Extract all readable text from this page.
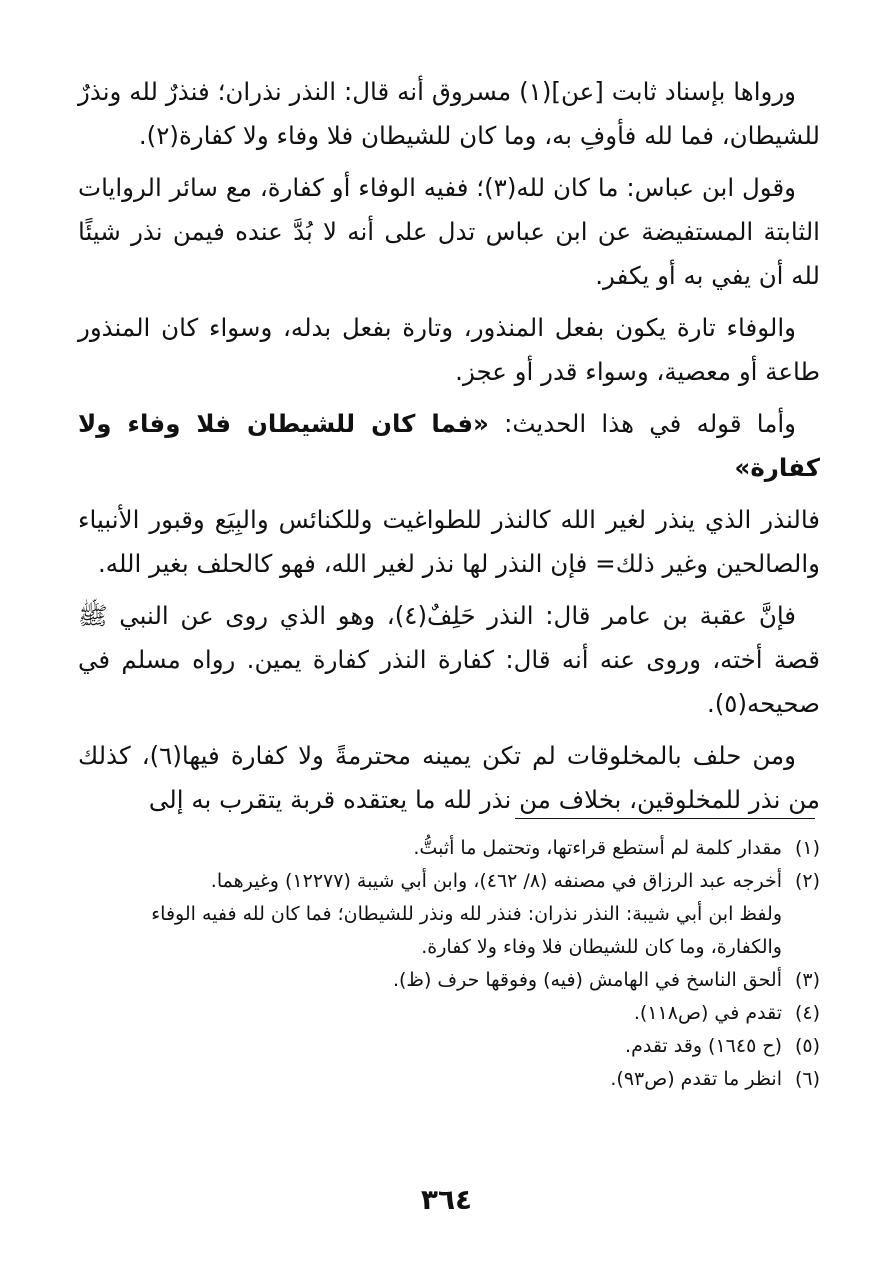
ورواها بإسناد ثابت [عن](١) مسروق أنه قال: النذر نذران؛ فنذرٌ لله ونذرٌ للشيطان، فما لله فأوفِ به، وما كان للشيطان فلا وفاء ولا كفارة(٢).

وقول ابن عباس: ما كان لله(٣)؛ ففيه الوفاء أو كفارة، مع سائر الروايات الثابتة المستفيضة عن ابن عباس تدل على أنه لا بُدَّ عنده فيمن نذر شيئًا لله أن يفي به أو يكفر.

والوفاء تارة يكون بفعل المنذور، وتارة بفعل بدله، وسواء كان المنذور طاعة أو معصية، وسواء قدر أو عجز.

وأما قوله في هذا الحديث: «فما كان للشيطان فلا وفاء ولا كفارة»

فالنذر الذي ينذر لغير الله كالنذر للطواغيت وللكنائس والبِيَع وقبور الأنبياء والصالحين وغير ذلك= فإن النذر لها نذر لغير الله، فهو كالحلف بغير الله.

فإنَّ عقبة بن عامر قال: النذر حَلِفٌ(٤)، وهو الذي روى عن النبي ﷺ قصة أخته، وروى عنه أنه قال: كفارة النذر كفارة يمين. رواه مسلم في صحيحه(٥).

ومن حلف بالمخلوقات لم تكن يمينه محترمةً ولا كفارة فيها(٦)، كذلك من نذر للمخلوقين، بخلاف من نذر لله ما يعتقده قربة يتقرب به إلى

(١)مقدار كلمة لم أستطع قراءتها، وتحتمل ما أثبتُّ.

(٢)أخرجه عبد الرزاق في مصنفه (٨/ ٤٦٢)، وابن أبي شيبة (١٢٢٧٧) وغيرهما.

ولفظ ابن أبي شيبة: النذر نذران: فنذر لله ونذر للشيطان؛ فما كان لله ففيه الوفاء والكفارة، وما كان للشيطان فلا وفاء ولا كفارة.

(٣)ألحق الناسخ في الهامش (فيه) وفوقها حرف (ظ).

(٤)تقدم في (ص١١٨).

(٥)(ح ١٦٤٥) وقد تقدم.

(٦)انظر ما تقدم (ص٩٣).

٣٦٤
